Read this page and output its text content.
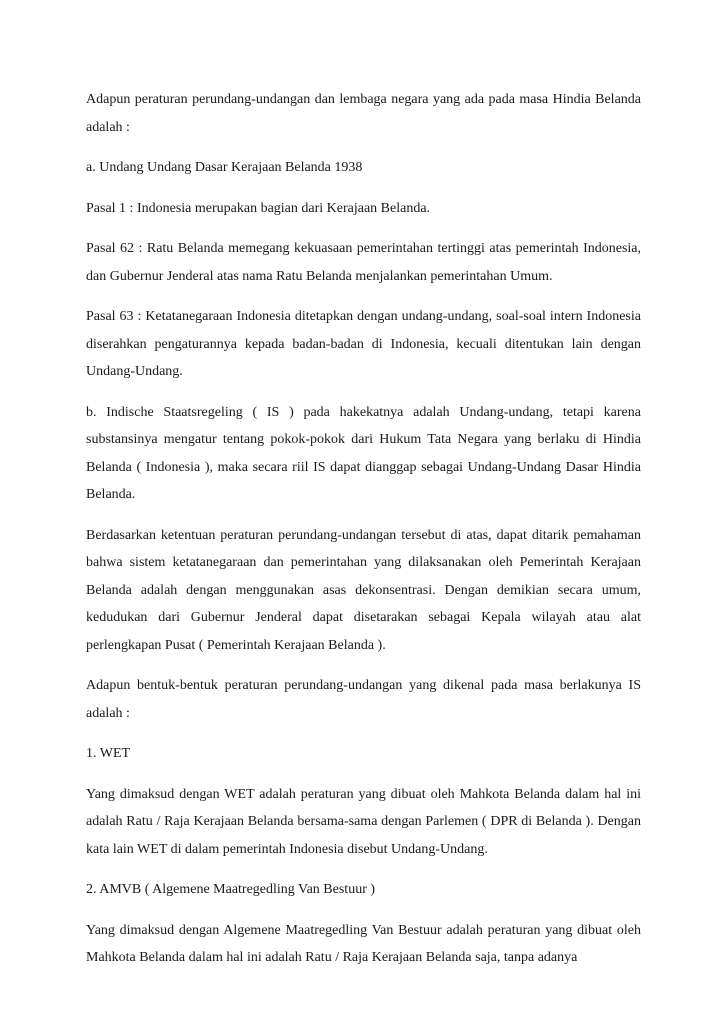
Adapun peraturan perundang-undangan dan lembaga negara yang ada pada masa Hindia Belanda adalah :

a. Undang Undang Dasar Kerajaan Belanda 1938

Pasal 1 : Indonesia merupakan bagian dari Kerajaan Belanda.

Pasal 62 : Ratu Belanda memegang kekuasaan pemerintahan tertinggi atas pemerintah Indonesia, dan Gubernur Jenderal atas nama Ratu Belanda menjalankan pemerintahan Umum.

Pasal 63 : Ketatanegaraan Indonesia ditetapkan dengan undang-undang, soal-soal intern Indonesia diserahkan pengaturannya kepada badan-badan di Indonesia, kecuali ditentukan lain dengan Undang-Undang.

b. Indische Staatsregeling ( IS ) pada hakekatnya adalah Undang-undang, tetapi karena substansinya mengatur tentang pokok-pokok dari Hukum Tata Negara yang berlaku di Hindia Belanda ( Indonesia ), maka secara riil IS dapat dianggap sebagai Undang-Undang Dasar Hindia Belanda.

Berdasarkan ketentuan peraturan perundang-undangan tersebut di atas, dapat ditarik pemahaman bahwa sistem ketatanegaraan dan pemerintahan yang dilaksanakan oleh Pemerintah Kerajaan Belanda adalah dengan menggunakan asas dekonsentrasi. Dengan demikian secara umum, kedudukan dari Gubernur Jenderal dapat disetarakan sebagai Kepala wilayah atau alat perlengkapan Pusat ( Pemerintah Kerajaan Belanda ).

Adapun bentuk-bentuk peraturan perundang-undangan yang dikenal pada masa berlakunya IS adalah :

1. WET

Yang dimaksud dengan WET adalah peraturan yang dibuat oleh Mahkota Belanda dalam hal ini adalah Ratu / Raja Kerajaan Belanda bersama-sama dengan Parlemen ( DPR di Belanda ). Dengan kata lain WET di dalam pemerintah Indonesia disebut Undang-Undang.

2. AMVB ( Algemene Maatregedling Van Bestuur )

Yang dimaksud dengan Algemene Maatregedling Van Bestuur adalah peraturan yang dibuat oleh Mahkota Belanda dalam hal ini adalah Ratu / Raja Kerajaan Belanda saja, tanpa adanya
